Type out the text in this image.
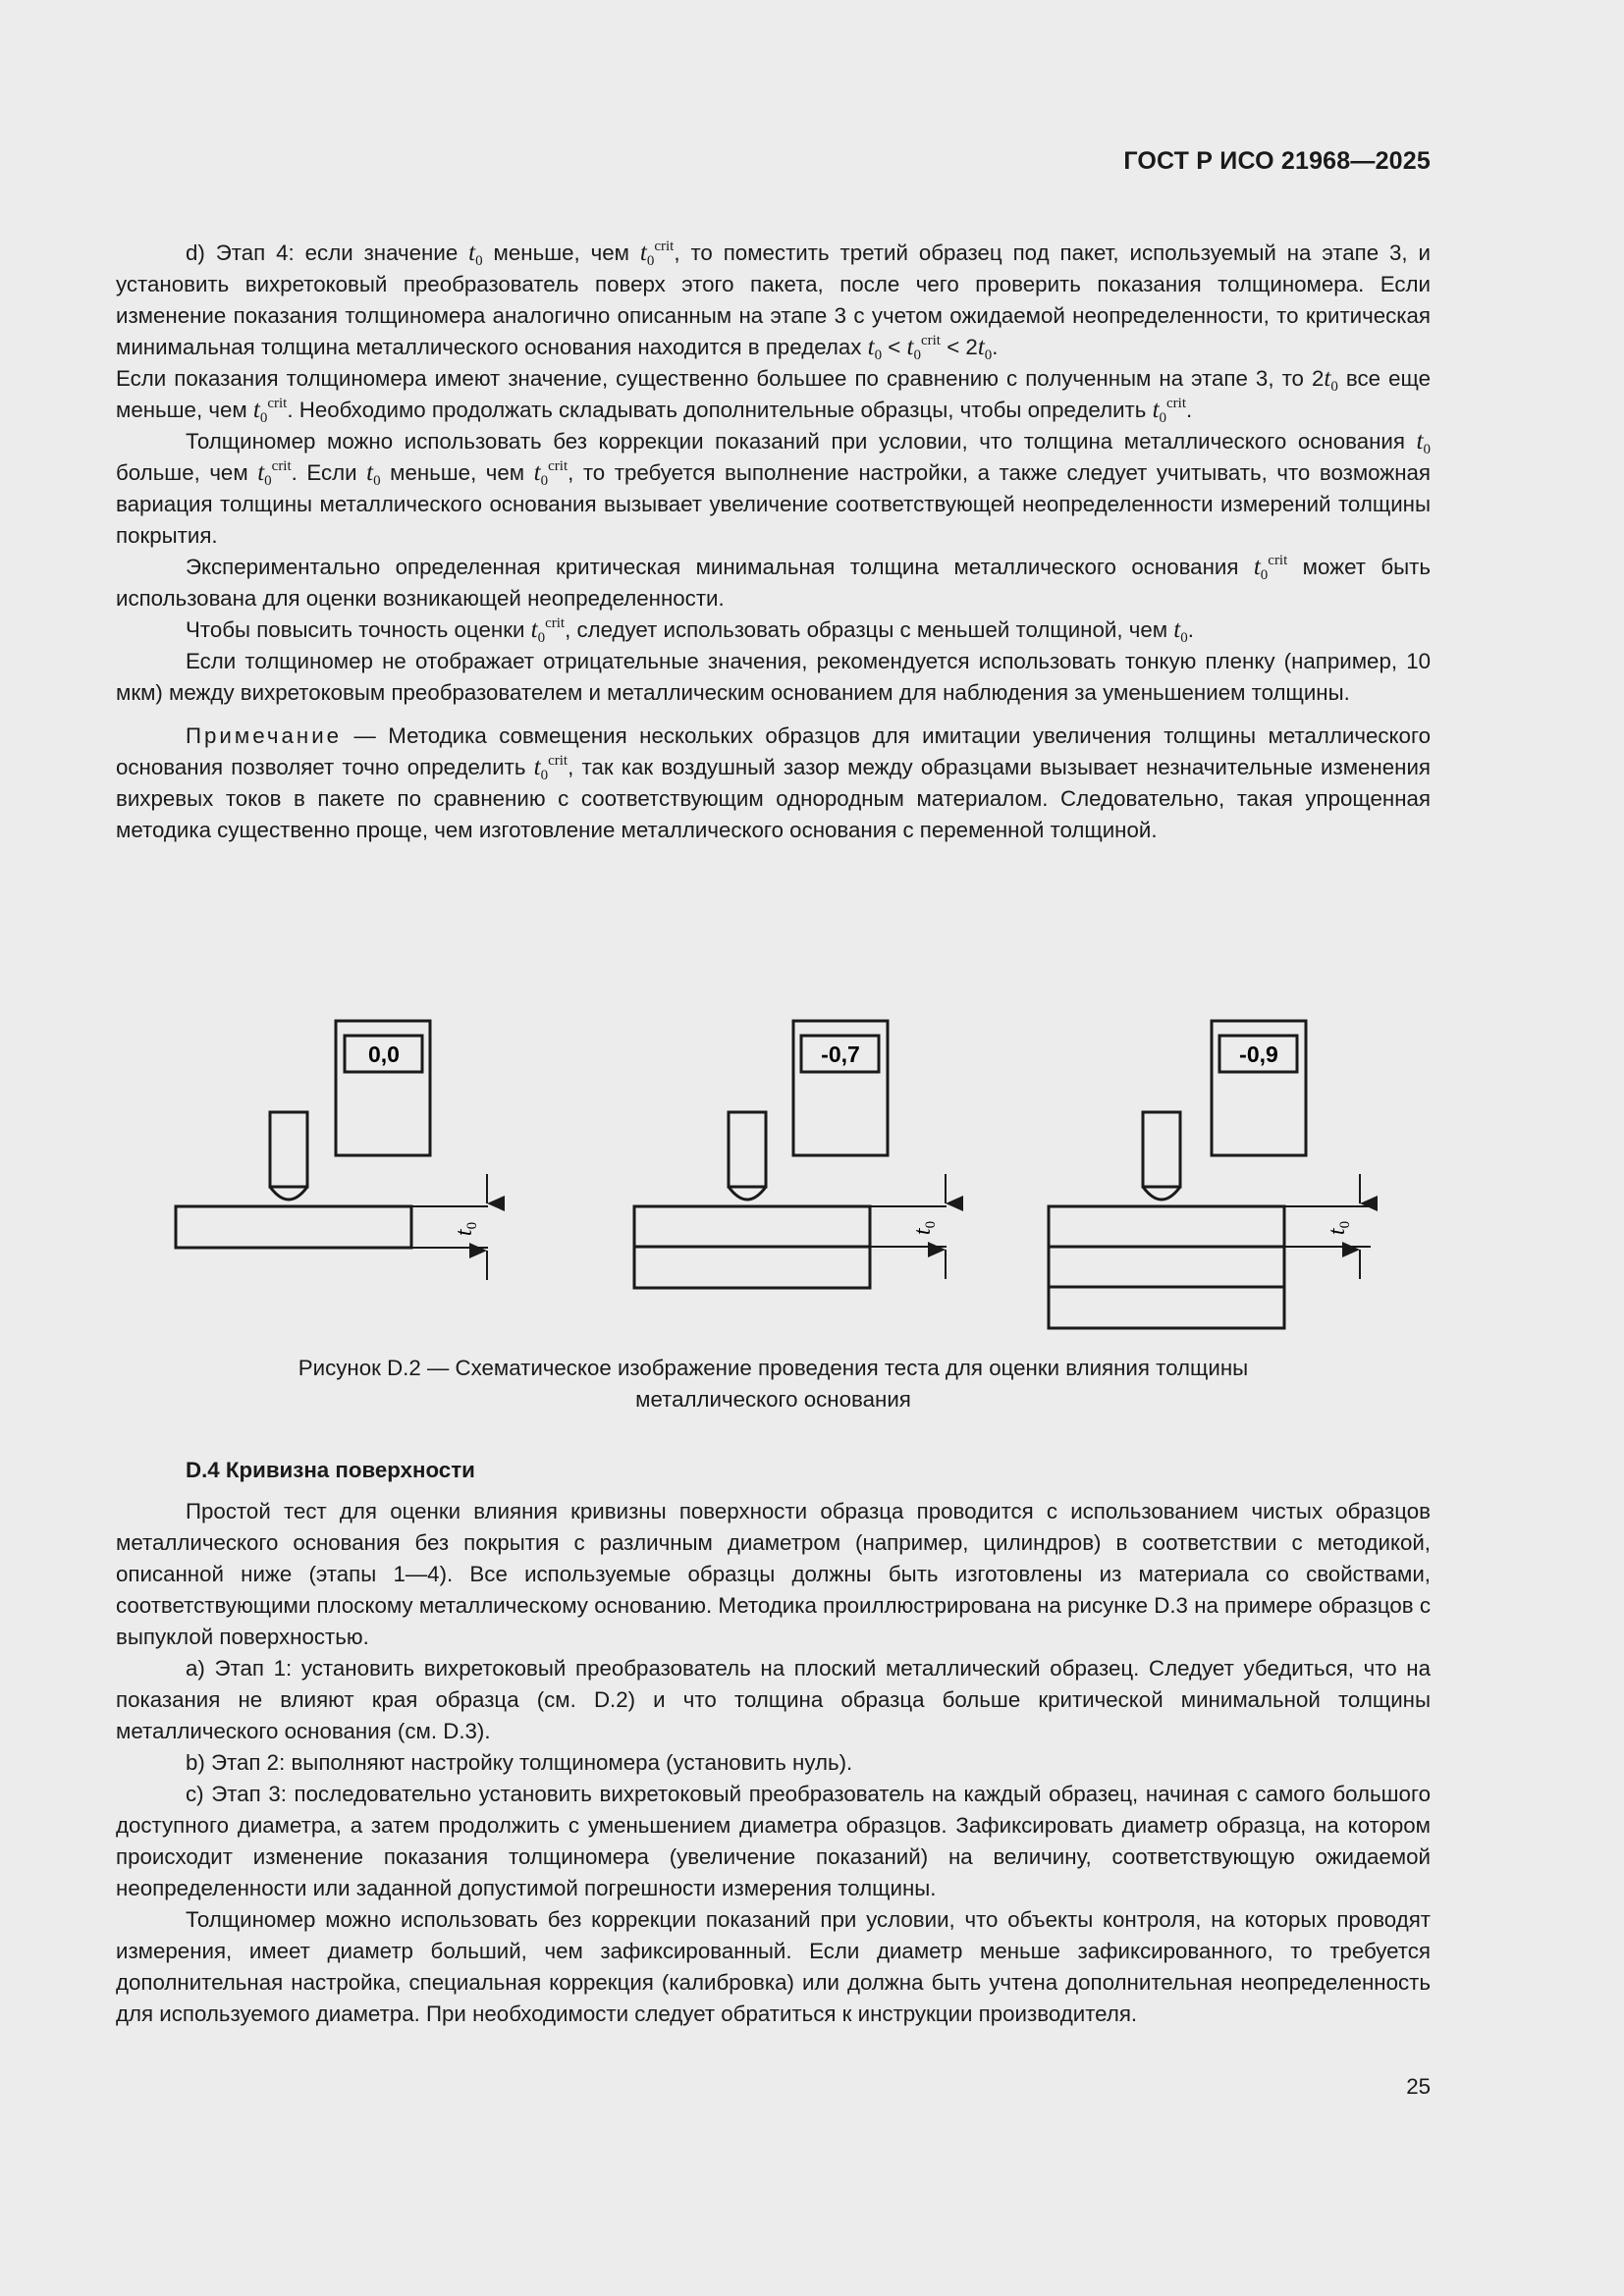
ГОСТ Р ИСО 21968—2025

d) Этап 4: если значение $t_0$ меньше, чем $t_0^{crit}$, то поместить третий образец под пакет, используемый на этапе 3, и установить вихретоковый преобразователь поверх этого пакета, после чего проверить показания толщиномера. Если изменение показания толщиномера аналогично описанным на этапе 3 с учетом ожидаемой неопределенности, то критическая минимальная толщина металлического основания находится в пределах $t_0 < t_0^{crit} < 2t_0$.

Если показания толщиномера имеют значение, существенно большее по сравнению с полученным на этапе 3, то $2t_0$ все еще меньше, чем $t_0^{crit}$. Необходимо продолжать складывать дополнительные образцы, чтобы определить $t_0^{crit}$.

Толщиномер можно использовать без коррекции показаний при условии, что толщина металлического основания $t_0$ больше, чем $t_0^{crit}$. Если $t_0$ меньше, чем $t_0^{crit}$, то требуется выполнение настройки, а также следует учитывать, что возможная вариация толщины металлического основания вызывает увеличение соответствующей неопределенности измерений толщины покрытия.

Экспериментально определенная критическая минимальная толщина металлического основания $t_0^{crit}$ может быть использована для оценки возникающей неопределенности.

Чтобы повысить точность оценки $t_0^{crit}$, следует использовать образцы с меньшей толщиной, чем $t_0$.

Если толщиномер не отображает отрицательные значения, рекомендуется использовать тонкую пленку (например, 10 мкм) между вихретоковым преобразователем и металлическим основанием для наблюдения за уменьшением толщины.

Примечание — Методика совмещения нескольких образцов для имитации увеличения толщины металлического основания позволяет точно определить $t_0^{crit}$, так как воздушный зазор между образцами вызывает незначительные изменения вихревых токов в пакете по сравнению с соответствующим однородным материалом. Следовательно, такая упрощенная методика существенно проще, чем изготовление металлического основания с переменной толщиной.

0,0
$t_0$
-0,7
$t_0$
-0,9
$t_0$
Рисунок D.2 — Схематическое изображение проведения теста для оценки влияния толщины
металлического основания
D.4 Кривизна поверхности

Простой тест для оценки влияния кривизны поверхности образца проводится с использованием чистых образцов металлического основания без покрытия с различным диаметром (например, цилиндров) в соответствии с методикой, описанной ниже (этапы 1—4). Все используемые образцы должны быть изготовлены из материала со свойствами, соответствующими плоскому металлическому основанию. Методика проиллюстрирована на рисунке D.3 на примере образцов с выпуклой поверхностью.

a) Этап 1: установить вихретоковый преобразователь на плоский металлический образец. Следует убедиться, что на показания не влияют края образца (см. D.2) и что толщина образца больше критической минимальной толщины металлического основания (см. D.3).

b) Этап 2: выполняют настройку толщиномера (установить нуль).

c) Этап 3: последовательно установить вихретоковый преобразователь на каждый образец, начиная с самого большого доступного диаметра, а затем продолжить с уменьшением диаметра образцов. Зафиксировать диаметр образца, на котором происходит изменение показания толщиномера (увеличение показаний) на величину, соответствующую ожидаемой неопределенности или заданной допустимой погрешности измерения толщины.

Толщиномер можно использовать без коррекции показаний при условии, что объекты контроля, на которых проводят измерения, имеет диаметр больший, чем зафиксированный. Если диаметр меньше зафиксированного, то требуется дополнительная настройка, специальная коррекция (калибровка) или должна быть учтена дополнительная неопределенность для используемого диаметра. При необходимости следует обратиться к инструкции производителя.

25
